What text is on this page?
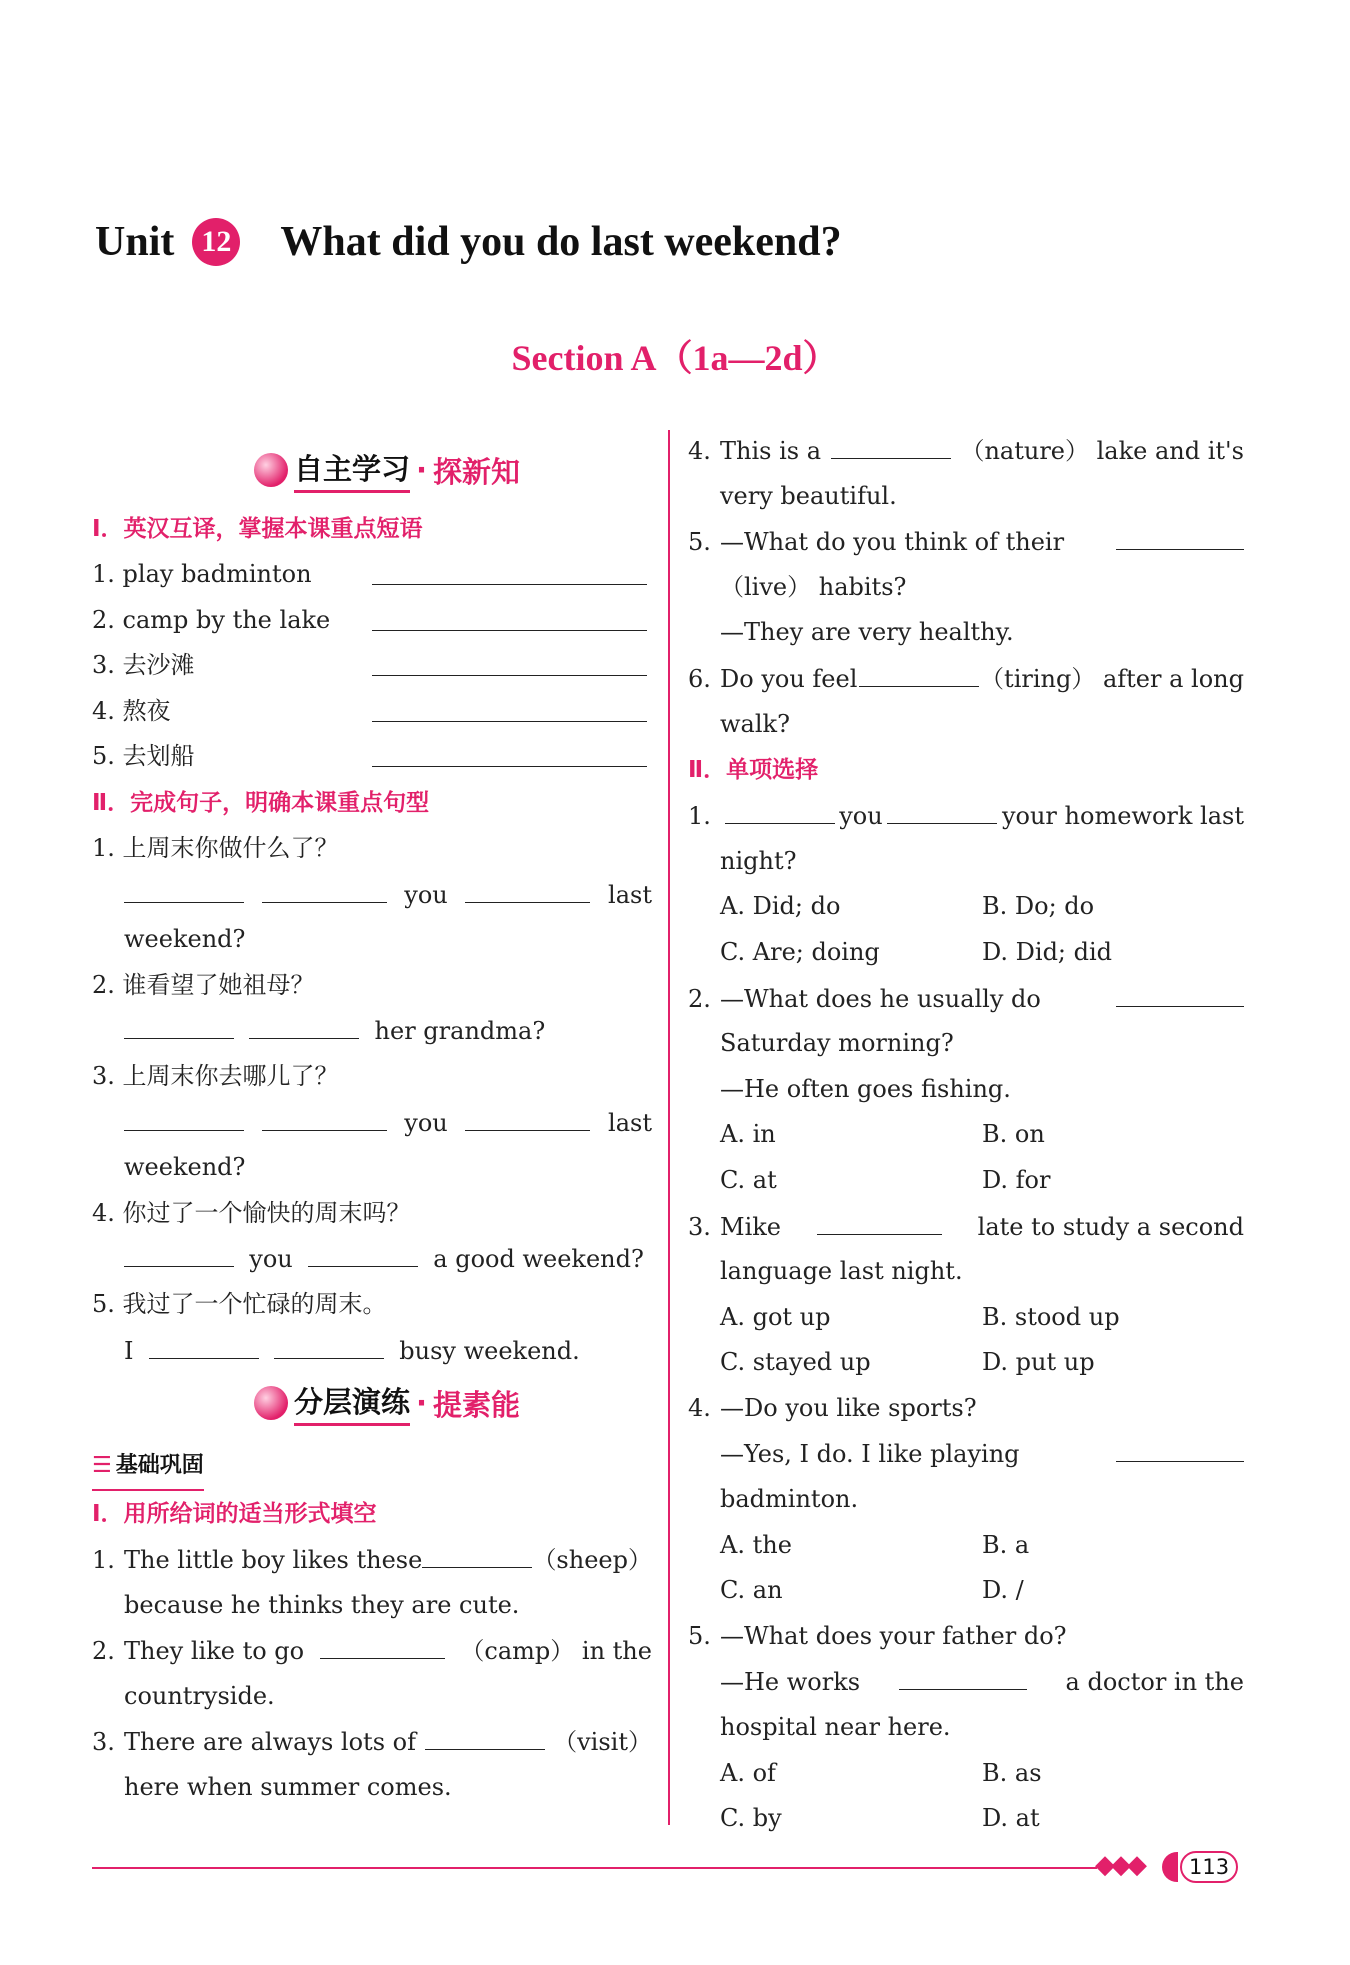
Unit 12 What did you do last weekend?
Section A（1a—2d）
自主学习 · 探新知
Ⅰ．英汉互译，掌握本课重点短语
1. play badminton
2. camp by the lake
3. 去沙滩
4. 熬夜
5. 去划船
Ⅱ．完成句子，明确本课重点句型
1. 上周末你做什么了？
you	last
weekend?
2. 谁看望了她祖母？

her grandma?
3. 上周末你去哪儿了？
you	last
weekend?
4. 你过了一个愉快的周末吗？

you

	a good weekend?
5. 我过了一个忙碌的周末。
I

	busy weekend.
分层演练 · 提素能
☰ 基础巩固
Ⅰ．用所给词的适当形式填空
1. The little boy likes these	（sheep）
because he thinks they are cute.
2. They like to go	（camp） in the
countryside.
3. There are always lots of	（visit）
here when summer comes.
4. This is a	（nature） lake and it's
very beautiful.
5. —What do you think of their
（live） habits?
—They are very healthy.
6. Do you feel	（tiring） after a long
walk?
Ⅱ．单项选择
1.	you	your homework last
night?
A. Did; do	B. Do; do
C. Are; doing	D. Did; did
2. —What does he usually do
Saturday morning?
—He often goes fishing.
A. in	B. on
C. at	D. for
3. Mike	late to study a second
language last night.
A. got up	B. stood up
C. stayed up	D. put up
4. —Do you like sports?
—Yes, I do. I like playing
badminton.
A. the	B. a
C. an	D. /
5. —What does your father do?
—He works	a doctor in the
hospital near here.
A. of	B. as
C. by	D. at
◆◆◆	113
